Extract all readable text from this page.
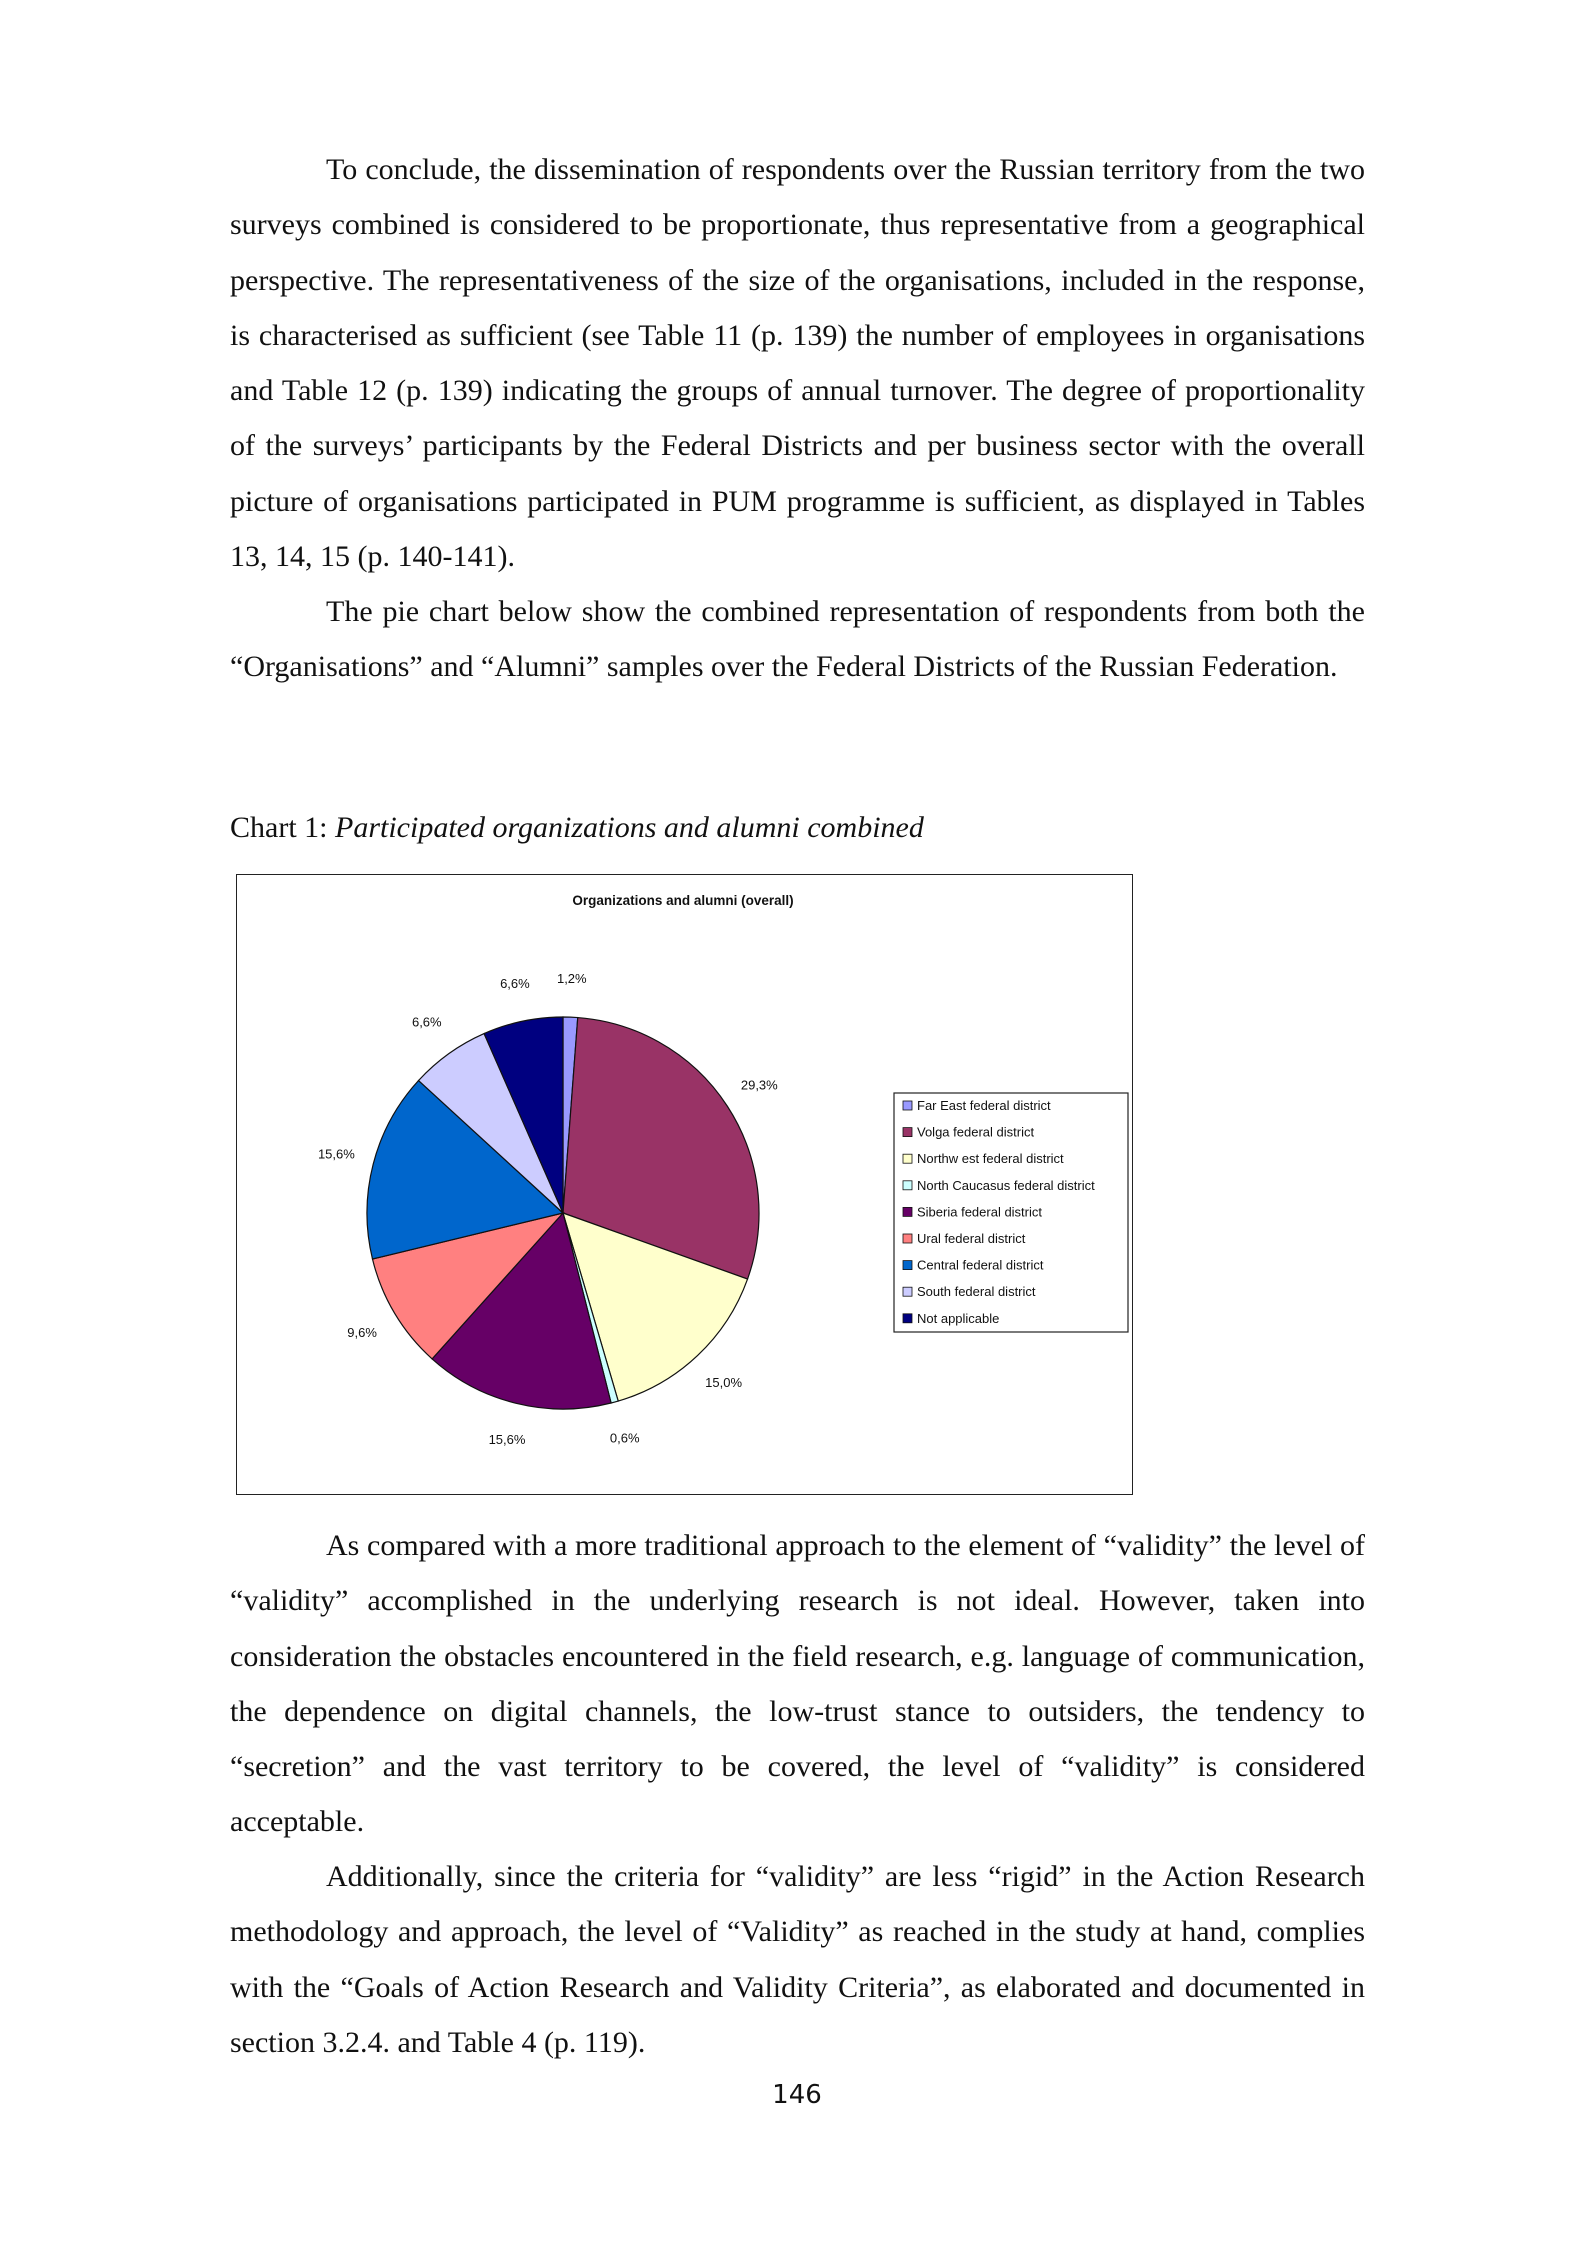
To conclude, the dissemination of respondents over the Russian territory from the two surveys combined is considered to be proportionate, thus representative from a geographical perspective. The representativeness of the size of the organisations, included in the response, is characterised as sufficient (see Table 11 (p. 139) the number of employees in organisations and Table 12 (p. 139) indicating the groups of annual turnover. The degree of proportionality of the surveys’ participants by the Federal Districts and per business sector with the overall picture of organisations participated in PUM programme is sufficient, as displayed in Tables 13, 14, 15 (p. 140-141).

The pie chart below show the combined representation of respondents from both the “Organisations” and “Alumni” samples over the Federal Districts of the Russian Federation.

Chart 1: Participated organizations and alumni combined

Organizations and alumni (overall)
1,2%
29,3%
15,0%
0,6%
15,6%
9,6%
15,6%
6,6%
6,6%
Far East federal district
Volga federal district
Northw est federal district
North Caucasus federal district
Siberia federal district
Ural federal district
Central federal district
South federal district
Not applicable

As compared with a more traditional approach to the element of “validity” the level of “validity” accomplished in the underlying research is not ideal. However, taken into consideration the obstacles encountered in the field research, e.g. language of communication, the dependence on digital channels, the low-trust stance to outsiders, the tendency to “secretion” and the vast territory to be covered, the level of “validity” is considered acceptable.

Additionally, since the criteria for “validity” are less “rigid” in the Action Research methodology and approach, the level of “Validity” as reached in the study at hand, complies with the “Goals of Action Research and Validity Criteria”, as elaborated and documented in section 3.2.4. and Table 4 (p. 119).

146
